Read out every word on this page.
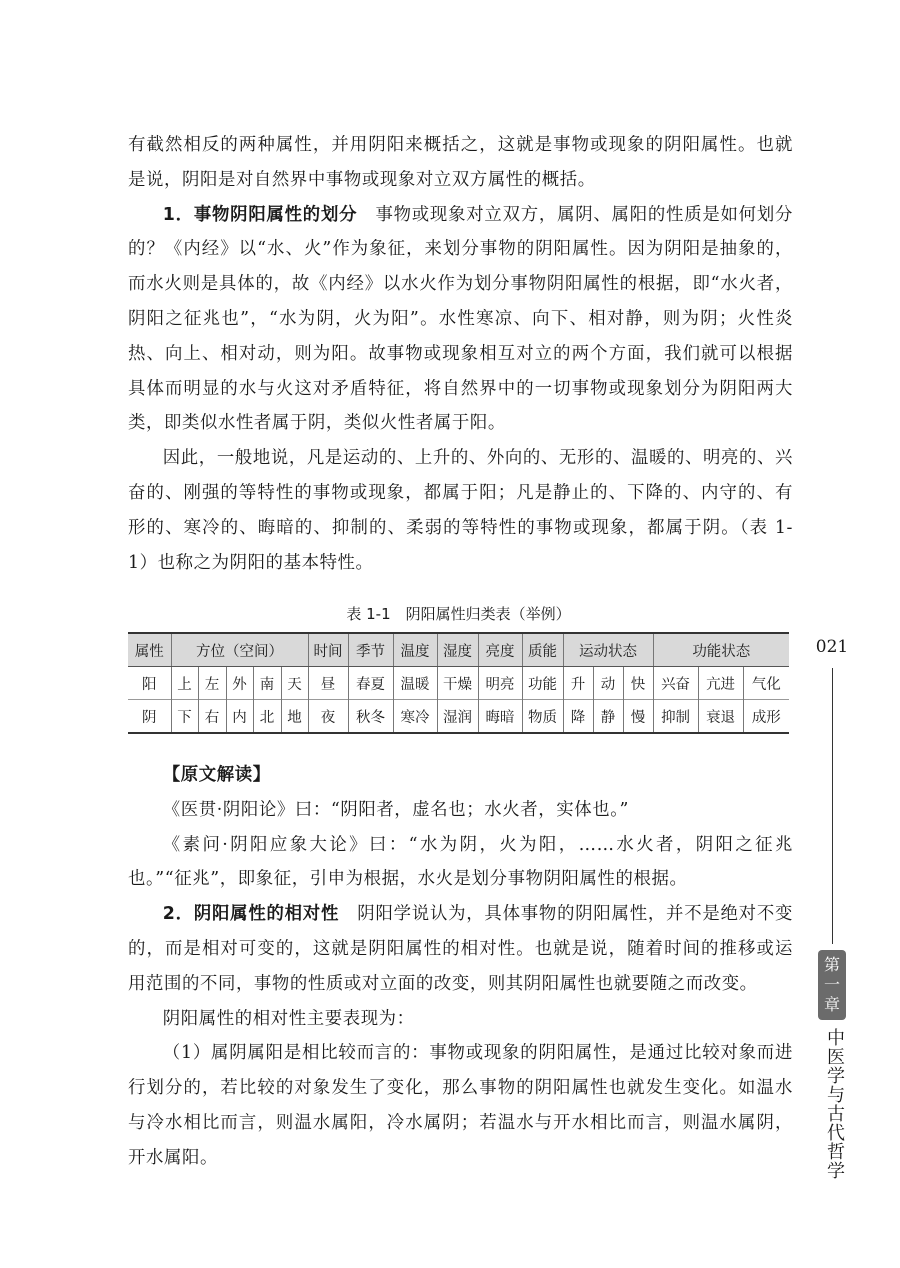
有截然相反的两种属性，并用阴阳来概括之，这就是事物或现象的阴阳属性。也就是说，阴阳是对自然界中事物或现象对立双方属性的概括。

1．事物阴阳属性的划分　 事物或现象对立双方，属阴、属阳的性质是如何划分的？《内经》以“水、火”作为象征，来划分事物的阴阳属性。因为阴阳是抽象的，而水火则是具体的，故《内经》以水火作为划分事物阴阳属性的根据，即“水火者，阴阳之征兆也”，“水为阴，火为阳”。水性寒凉、向下、相对静，则为阴；火性炎热、向上、相对动，则为阳。故事物或现象相互对立的两个方面，我们就可以根据具体而明显的水与火这对矛盾特征，将自然界中的一切事物或现象划分为阴阳两大类，即类似水性者属于阴，类似火性者属于阳。

因此，一般地说，凡是运动的、上升的、外向的、无形的、温暖的、明亮的、兴奋的、刚强的等特性的事物或现象，都属于阳；凡是静止的、下降的、内守的、有形的、寒冷的、晦暗的、抑制的、柔弱的等特性的事物或现象，都属于阴。（表 1-1）也称之为阴阳的基本特性。

表 1-1　阴阳属性归类表（举例）
属性	方位（空间）					时间	季节	温度	湿度	亮度	质能	运动状态			功能状态		
阳	上	左	外	南	天	昼	春夏	温暖	干燥	明亮	功能	升	动	快	兴奋	亢进	气化
阴	下	右	内	北	地	夜	秋冬	寒冷	湿润	晦暗	物质	降	静	慢	抑制	衰退	成形

【原文解读】

《医贯·阴阳论》曰：“阴阳者，虚名也；水火者，实体也。”

《素问·阴阳应象大论》曰：“水为阴，火为阳，……水火者，阴阳之征兆也。”“征兆”，即象征，引申为根据，水火是划分事物阴阳属性的根据。

2．阴阳属性的相对性　 阴阳学说认为，具体事物的阴阳属性，并不是绝对不变的，而是相对可变的，这就是阴阳属性的相对性。也就是说，随着时间的推移或运用范围的不同，事物的性质或对立面的改变，则其阴阳属性也就要随之而改变。

阴阳属性的相对性主要表现为：

（1）属阴属阳是相比较而言的：事物或现象的阴阳属性，是通过比较对象而进行划分的，若比较的对象发生了变化，那么事物的阴阳属性也就发生变化。如温水与冷水相比而言，则温水属阳，冷水属阴；若温水与开水相比而言，则温水属阴，开水属阳。

021
第
一
章
中医学与古代哲学
